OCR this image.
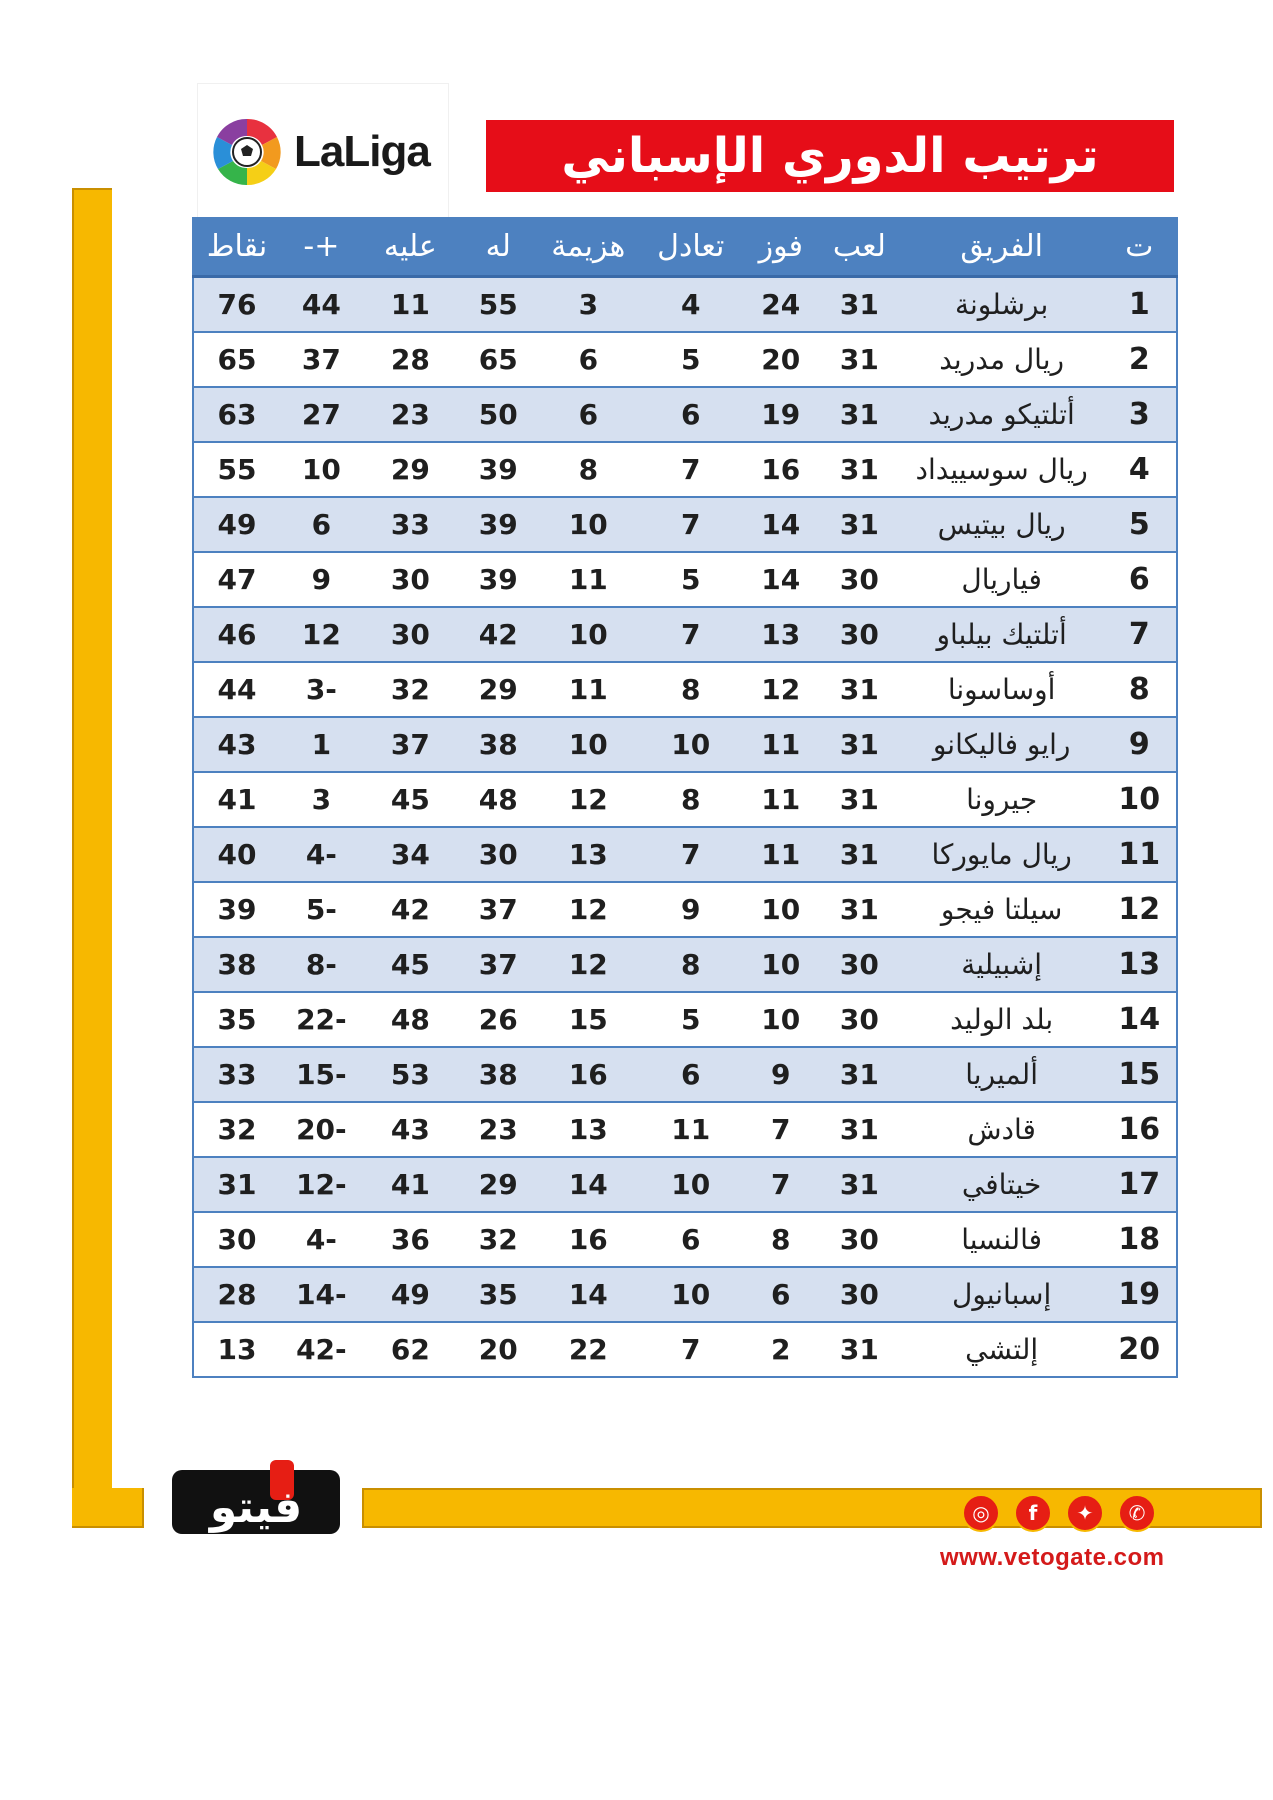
LaLiga	ترتيب الدوري الإسباني
ت	الفريق	لعب	فوز	تعادل	هزيمة	له	عليه	+-	نقاط
1	برشلونة	31	24	4	3	55	11	44	76
2	ريال مدريد	31	20	5	6	65	28	37	65
3	أتلتيكو مدريد	31	19	6	6	50	23	27	63
4	ريال سوسييداد	31	16	7	8	39	29	10	55
5	ريال بيتيس	31	14	7	10	39	33	6	49
6	فياريال	30	14	5	11	39	30	9	47
7	أتلتيك بيلباو	30	13	7	10	42	30	12	46
8	أوساسونا	31	12	8	11	29	32	-3	44
9	رايو فاليكانو	31	11	10	10	38	37	1	43
10	جيرونا	31	11	8	12	48	45	3	41
11	ريال مايوركا	31	11	7	13	30	34	-4	40
12	سيلتا فيجو	31	10	9	12	37	42	-5	39
13	إشبيلية	30	10	8	12	37	45	-8	38
14	بلد الوليد	30	10	5	15	26	48	-22	35
15	ألميريا	31	9	6	16	38	53	-15	33
16	قادش	31	7	11	13	23	43	-20	32
17	خيتافي	31	7	10	14	29	41	-12	31
18	فالنسيا	30	8	6	16	32	36	-4	30
19	إسبانيول	30	6	10	14	35	49	-14	28
20	إلتشي	31	2	7	22	20	62	-42	13
فيتو	◎	f	✦	✆
www.vetogate.com
